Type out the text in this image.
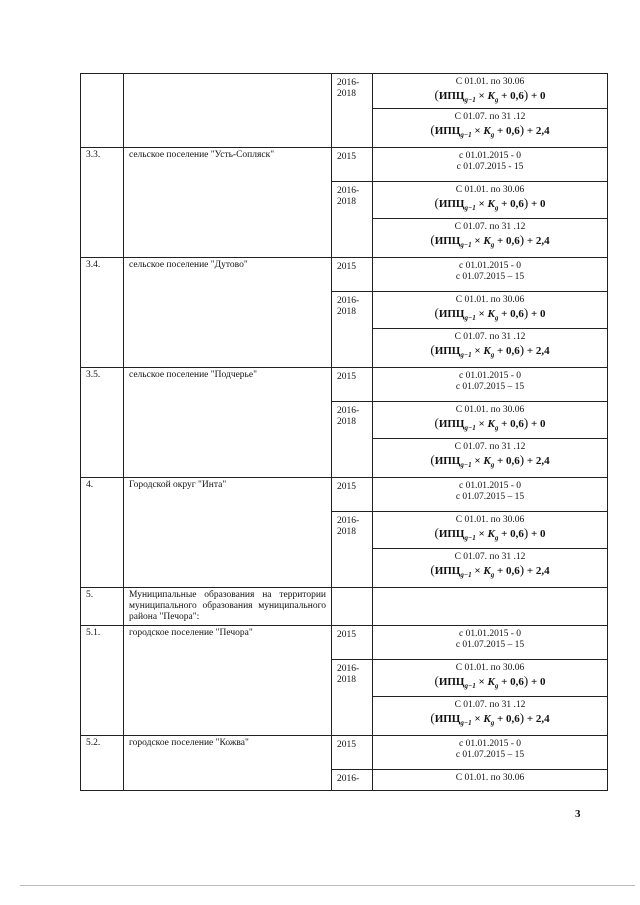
		2016-
2018	С 01.01. по 30.06
$(ИПЦ_{g-1} \times K_g + 0,6) + 0$

			С 01.07. по 31 .12
$(ИПЦ_{g-1} \times K_g + 0,6) + 2,4$

3.3.	сельское поселение "Усть-Сопляск"	2015	с 01.01.2015 - 0
с 01.07.2015 - 15

		2016-
2018	С 01.01. по 30.06
$(ИПЦ_{g-1} \times K_g + 0,6) + 0$

			С 01.07. по 31 .12
$(ИПЦ_{g-1} \times K_g + 0,6) + 2,4$

3.4.	сельское поселение "Дутово"	2015	с 01.01.2015 - 0
с 01.07.2015 – 15

		2016-
2018	С 01.01. по 30.06
$(ИПЦ_{g-1} \times K_g + 0,6) + 0$

			С 01.07. по 31 .12
$(ИПЦ_{g-1} \times K_g + 0,6) + 2,4$

3.5.	сельское поселение "Подчерье"	2015	с 01.01.2015 - 0
с 01.07.2015 – 15

		2016-
2018	С 01.01. по 30.06
$(ИПЦ_{g-1} \times K_g + 0,6) + 0$

			С 01.07. по 31 .12
$(ИПЦ_{g-1} \times K_g + 0,6) + 2,4$

4.	Городской округ "Инта"	2015	с 01.01.2015 - 0
с 01.07.2015 – 15

		2016-
2018	С 01.01. по 30.06
$(ИПЦ_{g-1} \times K_g + 0,6) + 0$

			С 01.07. по 31 .12
$(ИПЦ_{g-1} \times K_g + 0,6) + 2,4$

5.	Муниципальные образования на территории муниципального образования муниципального района "Печора":		
5.1.	городское поселение "Печора"	2015	с 01.01.2015 - 0
с 01.07.2015 – 15

		2016-
2018	С 01.01. по 30.06
$(ИПЦ_{g-1} \times K_g + 0,6) + 0$

			С 01.07. по 31 .12
$(ИПЦ_{g-1} \times K_g + 0,6) + 2,4$

5.2.	городское поселение "Кожва"	2015	с 01.01.2015 - 0
с 01.07.2015 – 15

		2016-	С 01.01. по 30.06
3
